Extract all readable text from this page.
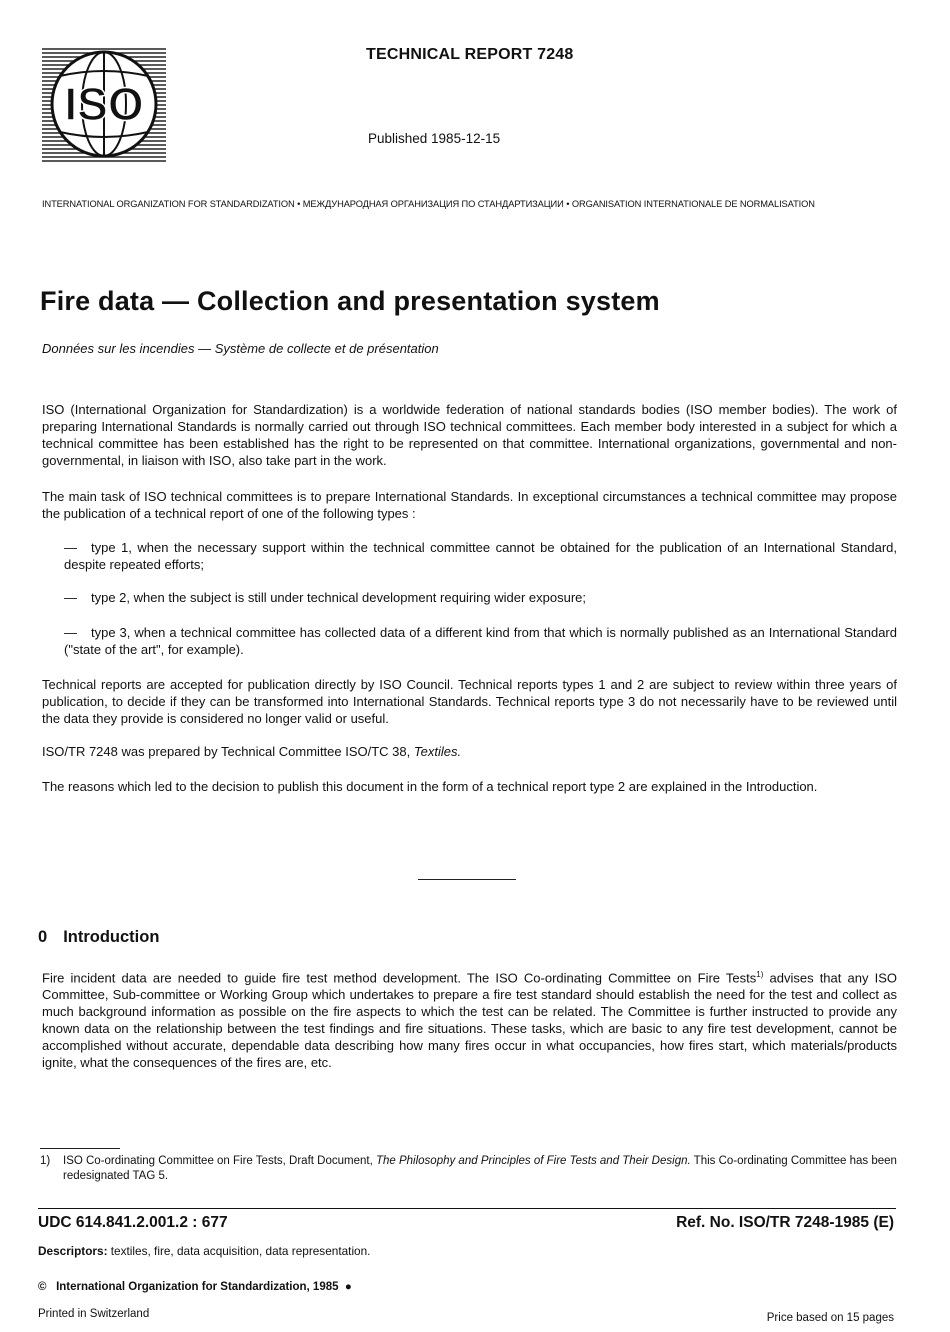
ISO
TECHNICAL REPORT 7248
Published 1985-12-15
INTERNATIONAL ORGANIZATION FOR STANDARDIZATION • МЕЖДУНАРОДНАЯ ОРГАНИЗАЦИЯ ПО СТАНДАРТИЗАЦИИ • ORGANISATION INTERNATIONALE DE NORMALISATION
Fire data — Collection and presentation system
Données sur les incendies — Système de collecte et de présentation
ISO (International Organization for Standardization) is a worldwide federation of national standards bodies (ISO member bodies). The work of preparing International Standards is normally carried out through ISO technical committees. Each member body interested in a subject for which a technical committee has been established has the right to be represented on that committee. International organizations, governmental and non-governmental, in liaison with ISO, also take part in the work.
The main task of ISO technical committees is to prepare International Standards. In exceptional circumstances a technical committee may propose the publication of a technical report of one of the following types :
— type 1, when the necessary support within the technical committee cannot be obtained for the publication of an International Standard, despite repeated efforts;
— type 2, when the subject is still under technical development requiring wider exposure;
— type 3, when a technical committee has collected data of a different kind from that which is normally published as an International Standard ("state of the art", for example).
Technical reports are accepted for publication directly by ISO Council. Technical reports types 1 and 2 are subject to review within three years of publication, to decide if they can be transformed into International Standards. Technical reports type 3 do not necessarily have to be reviewed until the data they provide is considered no longer valid or useful.
ISO/TR 7248 was prepared by Technical Committee ISO/TC 38, Textiles.
The reasons which led to the decision to publish this document in the form of a technical report type 2 are explained in the Introduction.
0 Introduction
Fire incident data are needed to guide fire test method development. The ISO Co-ordinating Committee on Fire Tests$^{1)}$ advises that any ISO Committee, Sub-committee or Working Group which undertakes to prepare a fire test standard should establish the need for the test and collect as much background information as possible on the fire aspects to which the test can be related. The Committee is further instructed to provide any known data on the relationship between the test findings and fire situations. These tasks, which are basic to any fire test development, cannot be accomplished without accurate, dependable data describing how many fires occur in what occupancies, how fires start, which materials/products ignite, what the consequences of the fires are, etc.
1) ISO Co-ordinating Committee on Fire Tests, Draft Document, The Philosophy and Principles of Fire Tests and Their Design. This Co-ordinating Committee has been redesignated TAG 5.
UDC 614.841.2.001.2 : 677	Ref. No. ISO/TR 7248-1985 (E)
Descriptors: textiles, fire, data acquisition, data representation.
© International Organization for Standardization, 1985 ●
Printed in Switzerland	Price based on 15 pages
